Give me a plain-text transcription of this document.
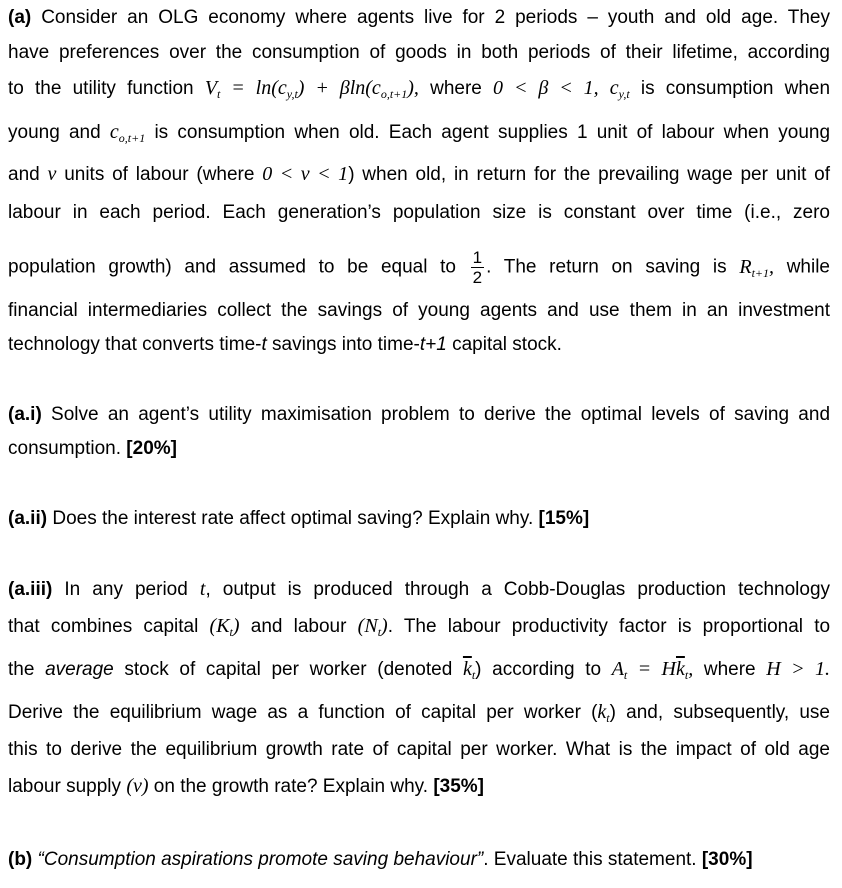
(a) Consider an OLG economy where agents live for 2 periods – youth and old age. They
have preferences over the consumption of goods in both periods of their lifetime, according
to the utility function $V_t = \ln(c_{y,t}) + \beta\ln(c_{o,t+1})$, where 0 < β < 1, $c_{y,t}$ is consumption when
young and $c_{o,t+1}$ is consumption when old. Each agent supplies 1 unit of labour when young
and v units of labour (where 0 < v < 1) when old, in return for the prevailing wage per unit of
labour in each period. Each generation’s population size is constant over time (i.e., zero
population growth) and assumed to be equal to $\frac{1}{2}$ . The return on saving is $R_{t+1}$, while
financial intermediaries collect the savings of young agents and use them in an investment
technology that converts time-t savings into time-t+1 capital stock.
(a.i) Solve an agent’s utility maximisation problem to derive the optimal levels of saving and
consumption. [20%]
(a.ii) Does the interest rate affect optimal saving? Explain why. [15%]
(a.iii) In any period t, output is produced through a Cobb-Douglas production technology
that combines capital $(K_t)$ and labour $(N_t)$. The labour productivity factor is proportional to
the average stock of capital per worker (denoted $\overline{k}_t$) according to $A_t = H\overline{k}_t$, where H > 1.
Derive the equilibrium wage as a function of capital per worker $(k_t)$ and, subsequently, use
this to derive the equilibrium growth rate of capital per worker. What is the impact of old age
labour supply (v) on the growth rate? Explain why. [35%]
(b) “Consumption aspirations promote saving behaviour”. Evaluate this statement. [30%]
